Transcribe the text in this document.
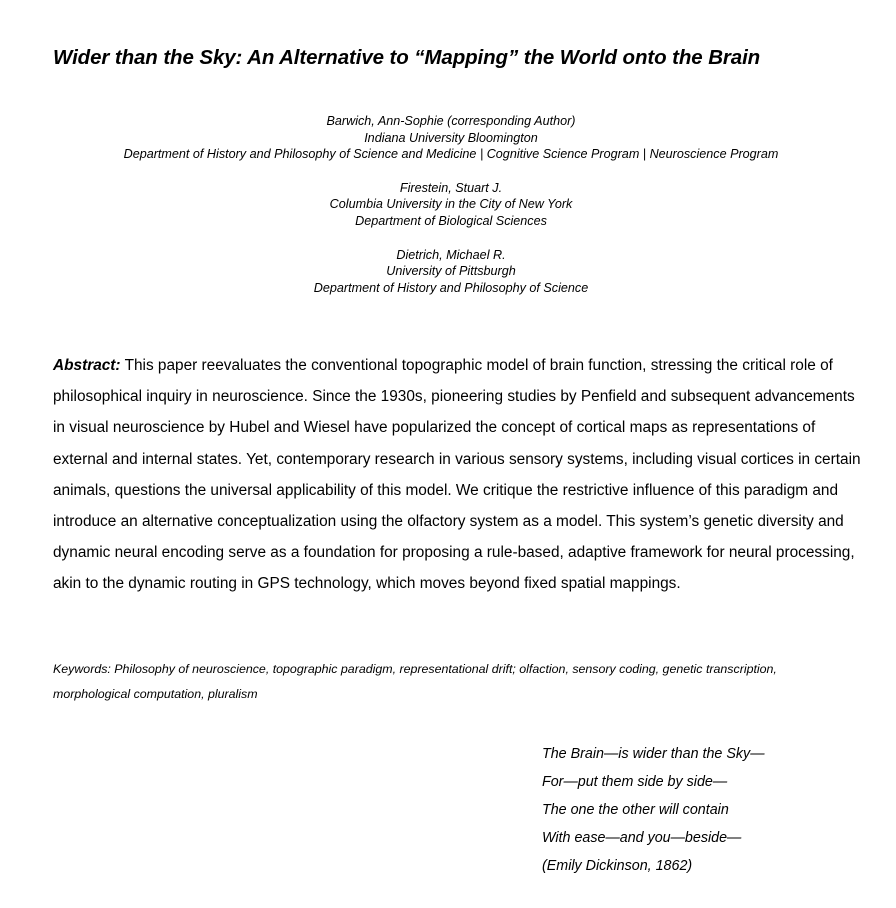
Wider than the Sky: An Alternative to “Mapping” the World onto the Brain
Barwich, Ann-Sophie (corresponding Author)
Indiana University Bloomington
Department of History and Philosophy of Science and Medicine | Cognitive Science Program | Neuroscience Program
Firestein, Stuart J.
Columbia University in the City of New York
Department of Biological Sciences
Dietrich, Michael R.
University of Pittsburgh
Department of History and Philosophy of Science
Abstract: This paper reevaluates the conventional topographic model of brain function, stressing the critical role of philosophical inquiry in neuroscience. Since the 1930s, pioneering studies by Penfield and subsequent advancements in visual neuroscience by Hubel and Wiesel have popularized the concept of cortical maps as representations of external and internal states. Yet, contemporary research in various sensory systems, including visual cortices in certain animals, questions the universal applicability of this model. We critique the restrictive influence of this paradigm and introduce an alternative conceptualization using the olfactory system as a model. This system’s genetic diversity and dynamic neural encoding serve as a foundation for proposing a rule-based, adaptive framework for neural processing, akin to the dynamic routing in GPS technology, which moves beyond fixed spatial mappings.
Keywords: Philosophy of neuroscience, topographic paradigm, representational drift; olfaction, sensory coding, genetic transcription, morphological computation, pluralism
The Brain—is wider than the Sky—
For—put them side by side—
The one the other will contain
With ease—and you—beside—
(Emily Dickinson, 1862)
